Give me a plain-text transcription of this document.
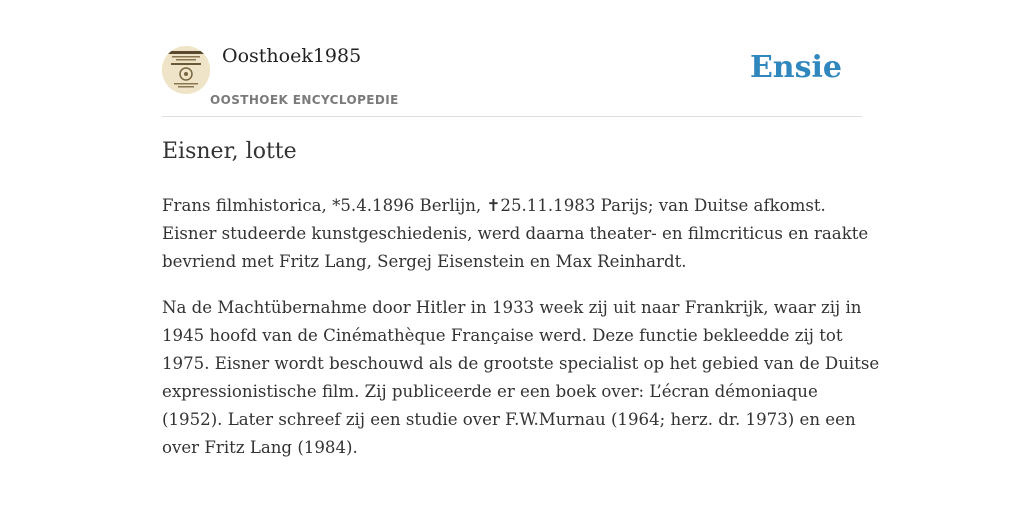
Oosthoek1985
OOSTHOEK ENCYCLOPEDIE
Ensie
Eisner, lotte

Frans filmhistorica, *5.4.1896 Berlijn, ✝25.11.1983 Parijs; van Duitse afkomst. Eisner studeerde kunstgeschiedenis, werd daarna theater- en filmcriticus en raakte bevriend met Fritz Lang, Sergej Eisenstein en Max Reinhardt.

Na de Machtübernahme door Hitler in 1933 week zij uit naar Frankrijk, waar zij in 1945 hoofd van de Cinémathèque Française werd. Deze functie bekleedde zij tot 1975. Eisner wordt beschouwd als de grootste specialist op het gebied van de Duitse expressionistische film. Zij publiceerde er een boek over: L’écran démoniaque (1952). Later schreef zij een studie over F.W.Murnau (1964; herz. dr. 1973) en een over Fritz Lang (1984).
